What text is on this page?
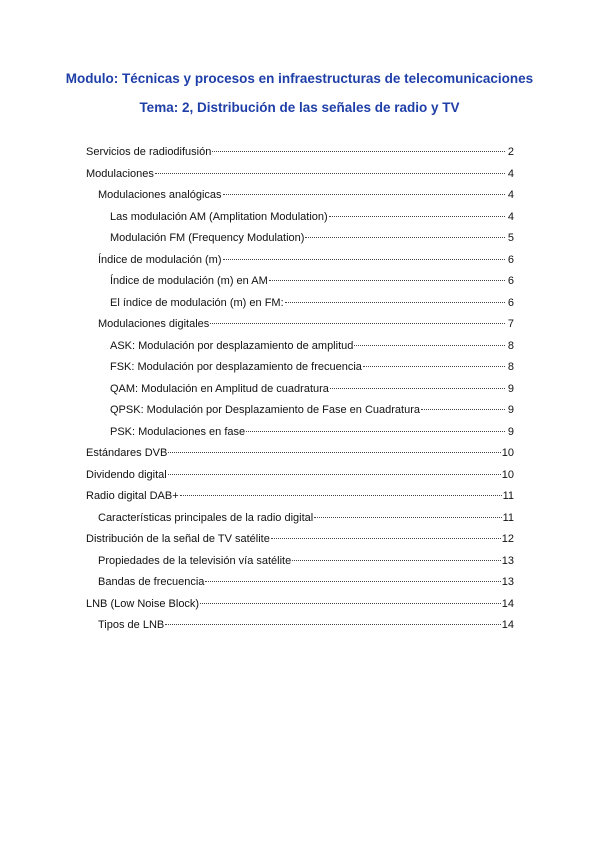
Modulo: Técnicas y procesos en infraestructuras de telecomunicaciones
Tema: 2, Distribución de las señales de radio y TV
Servicios de radiodifusión	2
Modulaciones	4
Modulaciones analógicas	4
Las modulación AM (Amplitation Modulation)	4
Modulación FM (Frequency Modulation)	5
Índice de modulación (m)	6
Índice de modulación (m) en AM	6
El índice de modulación (m) en FM:	6
Modulaciones digitales	7
ASK: Modulación por desplazamiento de amplitud	8
FSK: Modulación por desplazamiento de frecuencia	8
QAM: Modulación en Amplitud de cuadratura	9
QPSK: Modulación por Desplazamiento de Fase en Cuadratura	9
PSK: Modulaciones en fase	9
Estándares DVB	10
Dividendo digital	10
Radio digital DAB+	11
Características principales de la radio digital	11
Distribución de la señal de TV satélite	12
Propiedades de la televisión vía satélite	13
Bandas de frecuencia	13
LNB (Low Noise Block)	14
Tipos de LNB	14
